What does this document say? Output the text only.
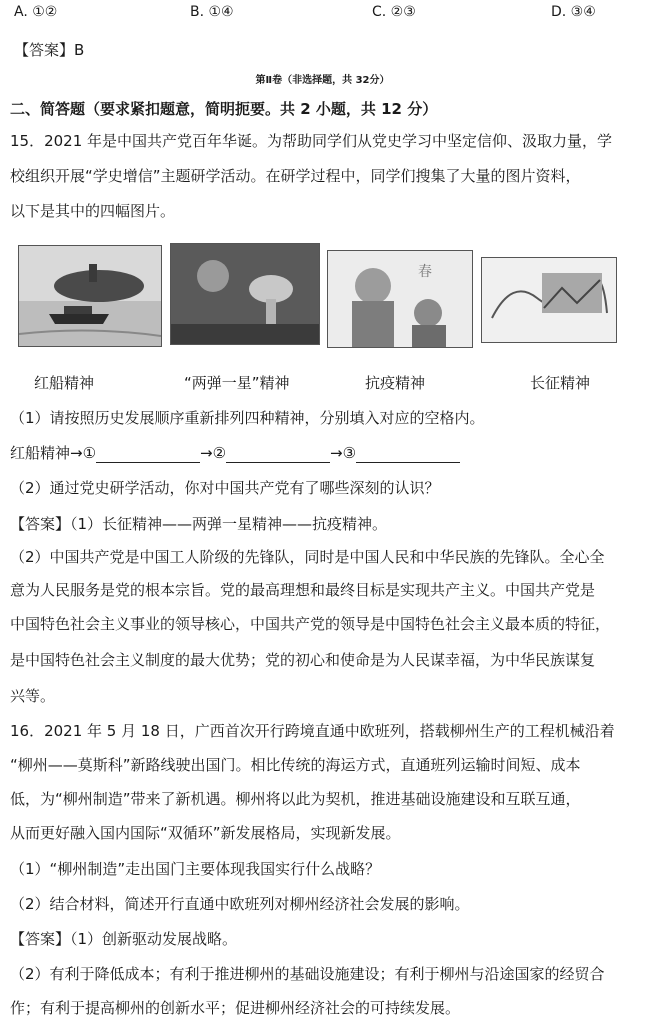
A. ①②	B. ①④	C. ②③	D. ③④
【答案】B
第Ⅱ卷（非选择题，共 32分）
二、简答题（要求紧扣题意，简明扼要。共 2 小题，共 12 分）
15．2021 年是中国共产党百年华诞。为帮助同学们从党史学习中坚定信仰、汲取力量，学
校组织开展“学史增信”主题研学活动。在研学过程中，同学们搜集了大量的图片资料，
以下是其中的四幅图片。
春
红船精神	“两弹一星”精神	抗疫精神	长征精神
（1）请按照历史发展顺序重新排列四种精神，分别填入对应的空格内。
红船精神→①	→②	→③
（2）通过党史研学活动，你对中国共产党有了哪些深刻的认识？
【答案】（1）长征精神——两弹一星精神——抗疫精神。
（2）中国共产党是中国工人阶级的先锋队，同时是中国人民和中华民族的先锋队。全心全
意为人民服务是党的根本宗旨。党的最高理想和最终目标是实现共产主义。中国共产党是
中国特色社会主义事业的领导核心，中国共产党的领导是中国特色社会主义最本质的特征，
是中国特色社会主义制度的最大优势；党的初心和使命是为人民谋幸福，为中华民族谋复
兴等。
16．2021 年 5 月 18 日，广西首次开行跨境直通中欧班列，搭载柳州生产的工程机械沿着
“柳州——莫斯科”新路线驶出国门。相比传统的海运方式，直通班列运输时间短、成本
低，为“柳州制造”带来了新机遇。柳州将以此为契机，推进基础设施建设和互联互通，
从而更好融入国内国际“双循环”新发展格局，实现新发展。
（1）“柳州制造”走出国门主要体现我国实行什么战略？
（2）结合材料，简述开行直通中欧班列对柳州经济社会发展的影响。
【答案】（1）创新驱动发展战略。
（2）有利于降低成本；有利于推进柳州的基础设施建设；有利于柳州与沿途国家的经贸合
作；有利于提高柳州的创新水平；促进柳州经济社会的可持续发展。
